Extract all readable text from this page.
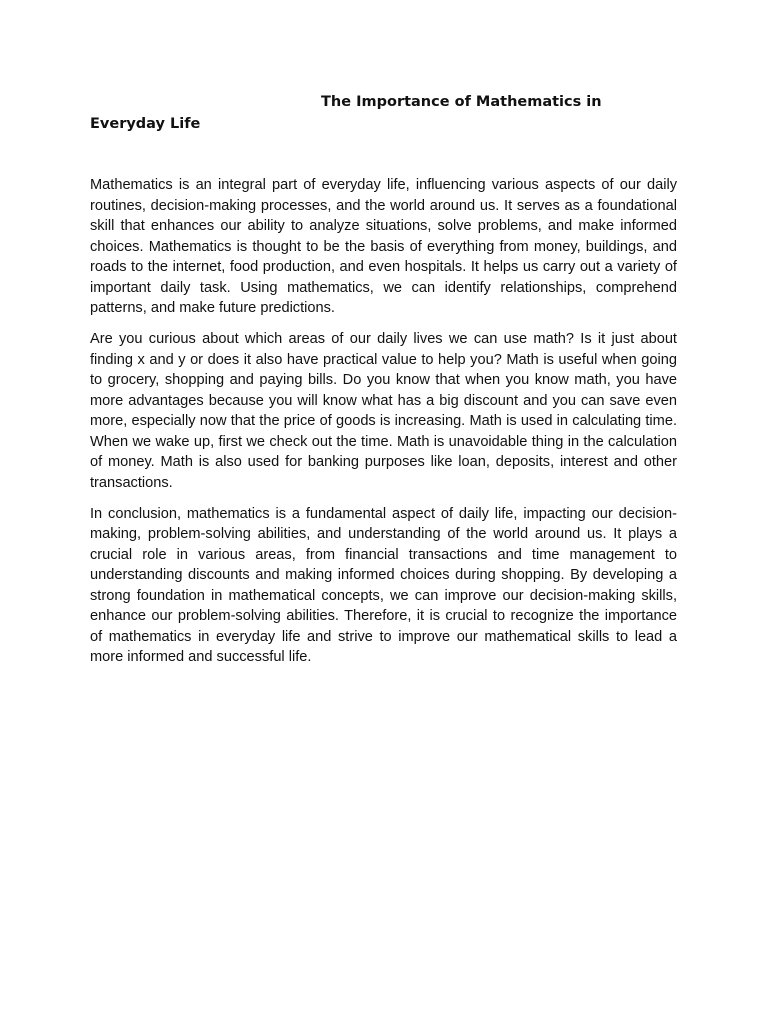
The Importance of Mathematics in Everyday Life

Mathematics is an integral part of everyday life, influencing various aspects of our daily routines, decision-making processes, and the world around us. It serves as a foundational skill that enhances our ability to analyze situations, solve problems, and make informed choices. Mathematics is thought to be the basis of everything from money, buildings, and roads to the internet, food production, and even hospitals. It helps us carry out a variety of important daily task. Using mathematics, we can identify relationships, comprehend patterns, and make future predictions.

Are you curious about which areas of our daily lives we can use math? Is it just about finding x and y or does it also have practical value to help you? Math is useful when going to grocery, shopping and paying bills. Do you know that when you know math, you have more advantages because you will know what has a big discount and you can save even more, especially now that the price of goods is increasing. Math is used in calculating time. When we wake up, first we check out the time. Math is unavoidable thing in the calculation of money. Math is also used for banking purposes like loan, deposits, interest and other transactions.

In conclusion, mathematics is a fundamental aspect of daily life, impacting our decision-making, problem-solving abilities, and understanding of the world around us. It plays a crucial role in various areas, from financial transactions and time management to understanding discounts and making informed choices during shopping. By developing a strong foundation in mathematical concepts, we can improve our decision-making skills, enhance our problem-solving abilities. Therefore, it is crucial to recognize the importance of mathematics in everyday life and strive to improve our mathematical skills to lead a more informed and successful life.
